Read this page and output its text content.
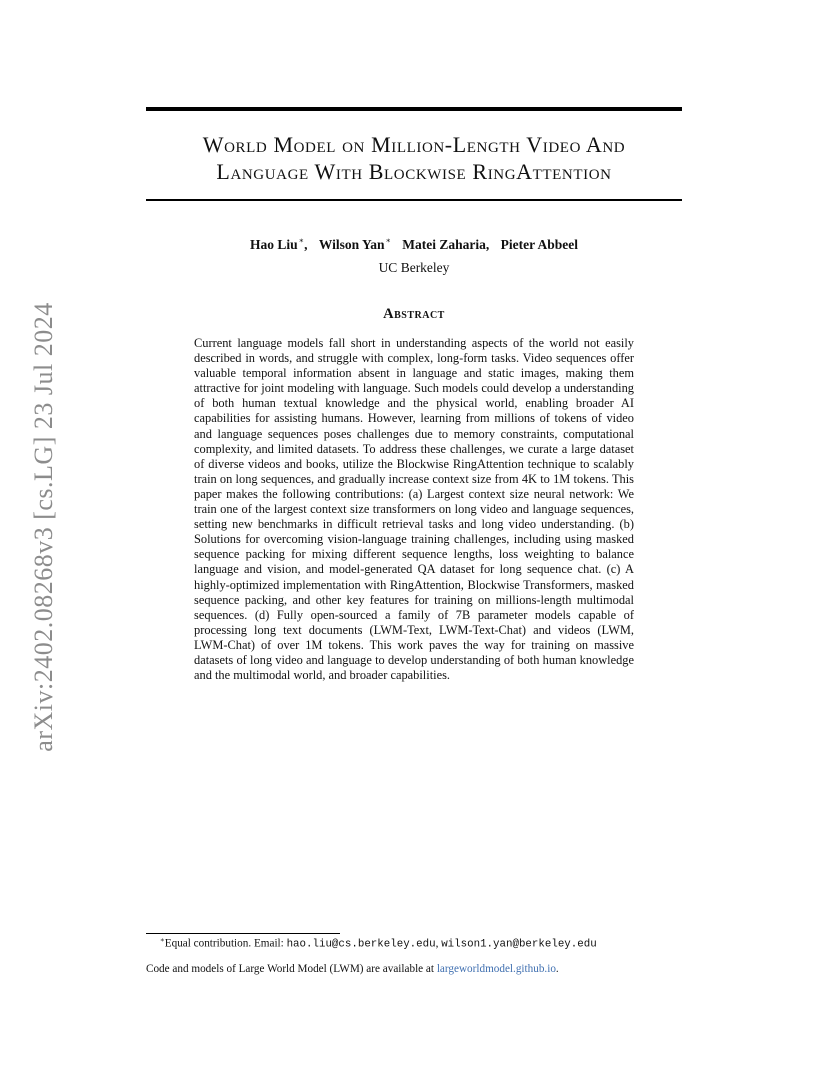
arXiv:2402.08268v3 [cs.LG] 23 Jul 2024
World Model on Million-Length Video And
Language With Blockwise RingAttention
Hao Liu∗, Wilson Yan∗ Matei Zaharia, Pieter Abbeel
UC Berkeley
Abstract
Current language models fall short in understanding aspects of the world not easily described in words, and struggle with complex, long-form tasks. Video sequences offer valuable temporal information absent in language and static images, making them attractive for joint modeling with language. Such models could develop a understanding of both human textual knowledge and the physical world, enabling broader AI capabilities for assisting humans. However, learning from millions of tokens of video and language sequences poses challenges due to memory constraints, computational complexity, and limited datasets. To address these challenges, we curate a large dataset of diverse videos and books, utilize the Blockwise RingAttention technique to scalably train on long sequences, and gradually increase context size from 4K to 1M tokens. This paper makes the following contributions: (a) Largest context size neural network: We train one of the largest context size transformers on long video and language sequences, setting new benchmarks in difficult retrieval tasks and long video understanding. (b) Solutions for overcoming vision-language training challenges, including using masked sequence packing for mixing different sequence lengths, loss weighting to balance language and vision, and model-generated QA dataset for long sequence chat. (c) A highly-optimized implementation with RingAttention, Blockwise Transformers, masked sequence packing, and other key features for training on millions-length multimodal sequences. (d) Fully open-sourced a family of 7B parameter models capable of processing long text documents (LWM-Text, LWM-Text-Chat) and videos (LWM, LWM-Chat) of over 1M tokens. This work paves the way for training on massive datasets of long video and language to develop understanding of both human knowledge and the multimodal world, and broader capabilities.
∗Equal contribution. Email: hao.liu@cs.berkeley.edu, wilson1.yan@berkeley.edu
Code and models of Large World Model (LWM) are available at largeworldmodel.github.io.
